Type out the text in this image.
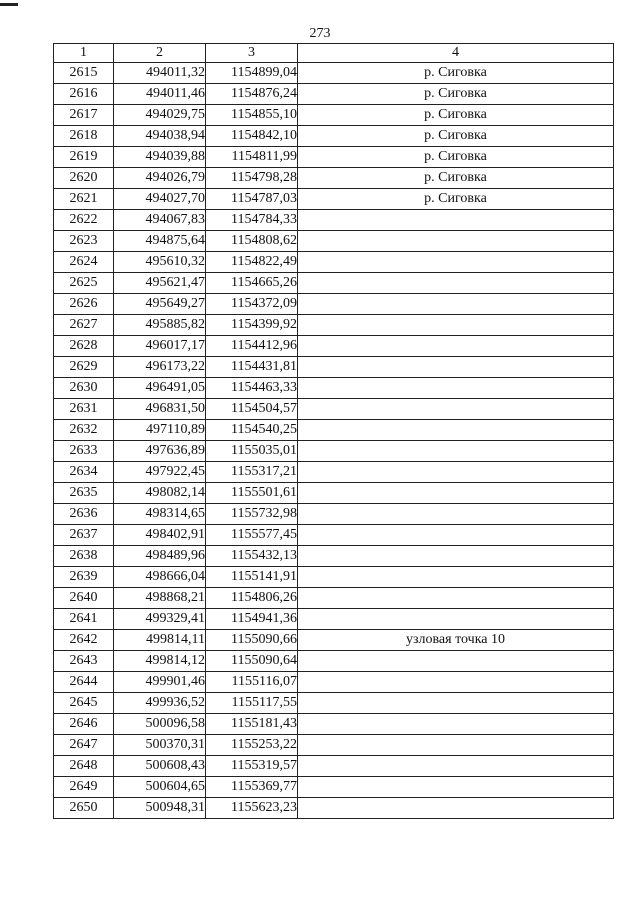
273
1	2	3	4
2615	494011,32	1154899,04	р. Сиговка
2616	494011,46	1154876,24	р. Сиговка
2617	494029,75	1154855,10	р. Сиговка
2618	494038,94	1154842,10	р. Сиговка
2619	494039,88	1154811,99	р. Сиговка
2620	494026,79	1154798,28	р. Сиговка
2621	494027,70	1154787,03	р. Сиговка
2622	494067,83	1154784,33	
2623	494875,64	1154808,62	
2624	495610,32	1154822,49	
2625	495621,47	1154665,26	
2626	495649,27	1154372,09	
2627	495885,82	1154399,92	
2628	496017,17	1154412,96	
2629	496173,22	1154431,81	
2630	496491,05	1154463,33	
2631	496831,50	1154504,57	
2632	497110,89	1154540,25	
2633	497636,89	1155035,01	
2634	497922,45	1155317,21	
2635	498082,14	1155501,61	
2636	498314,65	1155732,98	
2637	498402,91	1155577,45	
2638	498489,96	1155432,13	
2639	498666,04	1155141,91	
2640	498868,21	1154806,26	
2641	499329,41	1154941,36	
2642	499814,11	1155090,66	узловая точка 10
2643	499814,12	1155090,64	
2644	499901,46	1155116,07	
2645	499936,52	1155117,55	
2646	500096,58	1155181,43	
2647	500370,31	1155253,22	
2648	500608,43	1155319,57	
2649	500604,65	1155369,77	
2650	500948,31	1155623,23	
